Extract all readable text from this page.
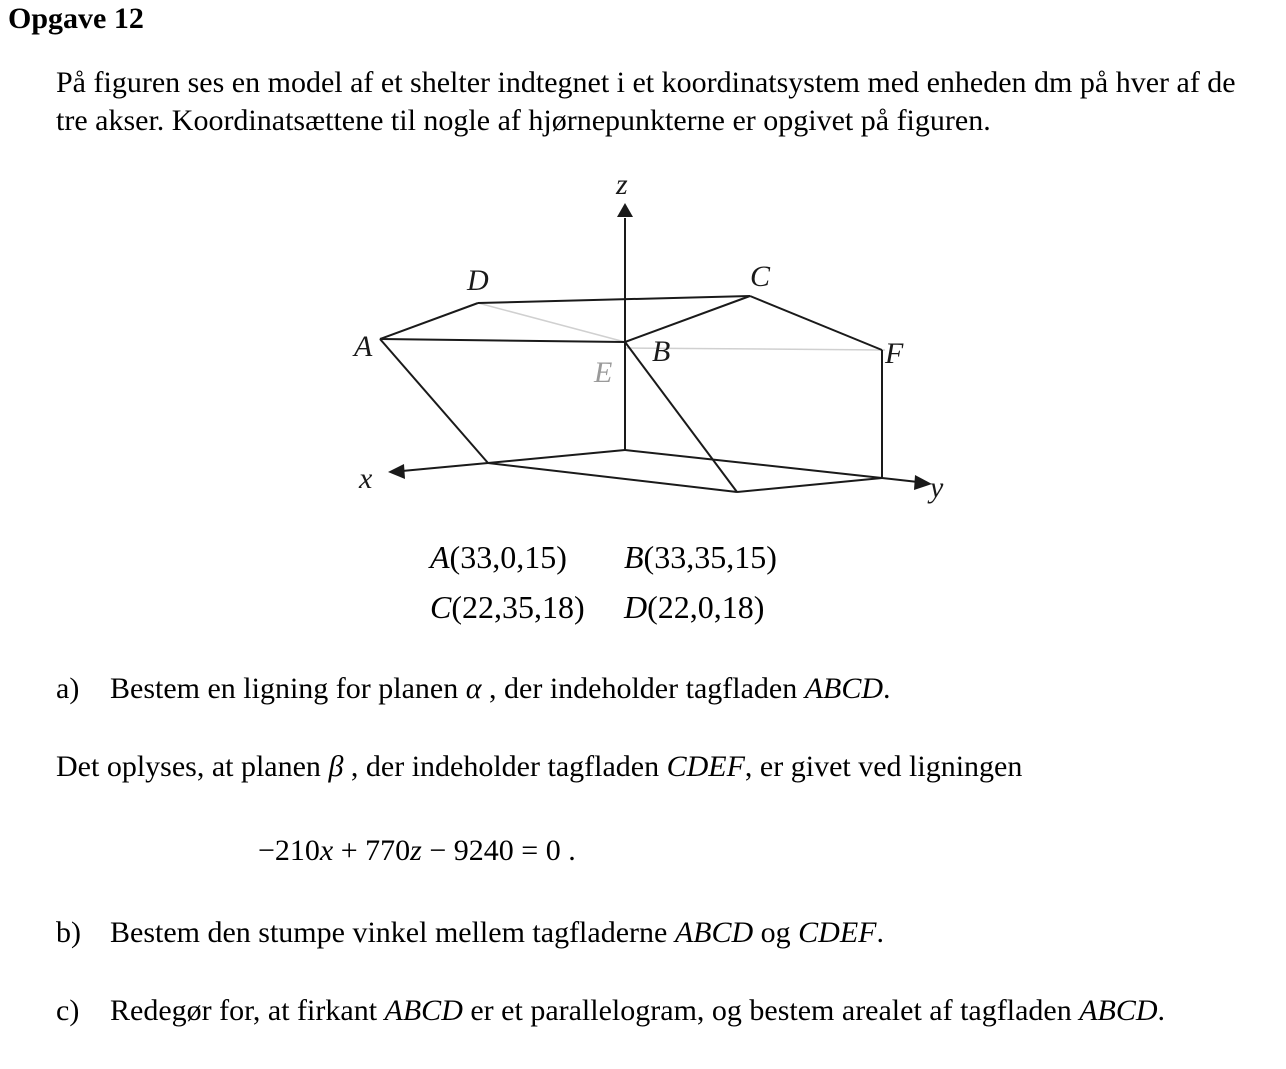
Opgave 12
På figuren ses en model af et shelter indtegnet i et koordinatsystem med enheden dm på hver af de tre akser. Koordinatsættene til nogle af hjørnepunkterne er opgivet på figuren.
z
x	y
A	B
C
D
F
E
A(33,0,15) B(33,35,15)
C(22,35,18) D(22,0,18)
a) Bestem en ligning for planen α , der indeholder tagfladen ABCD.
Det oplyses, at planen β , der indeholder tagfladen CDEF, er givet ved ligningen
−210x + 770z − 9240 = 0 .
b) Bestem den stumpe vinkel mellem tagfladerne ABCD og CDEF.
c) Redegør for, at firkant ABCD er et parallelogram, og bestem arealet af tagfladen ABCD.
